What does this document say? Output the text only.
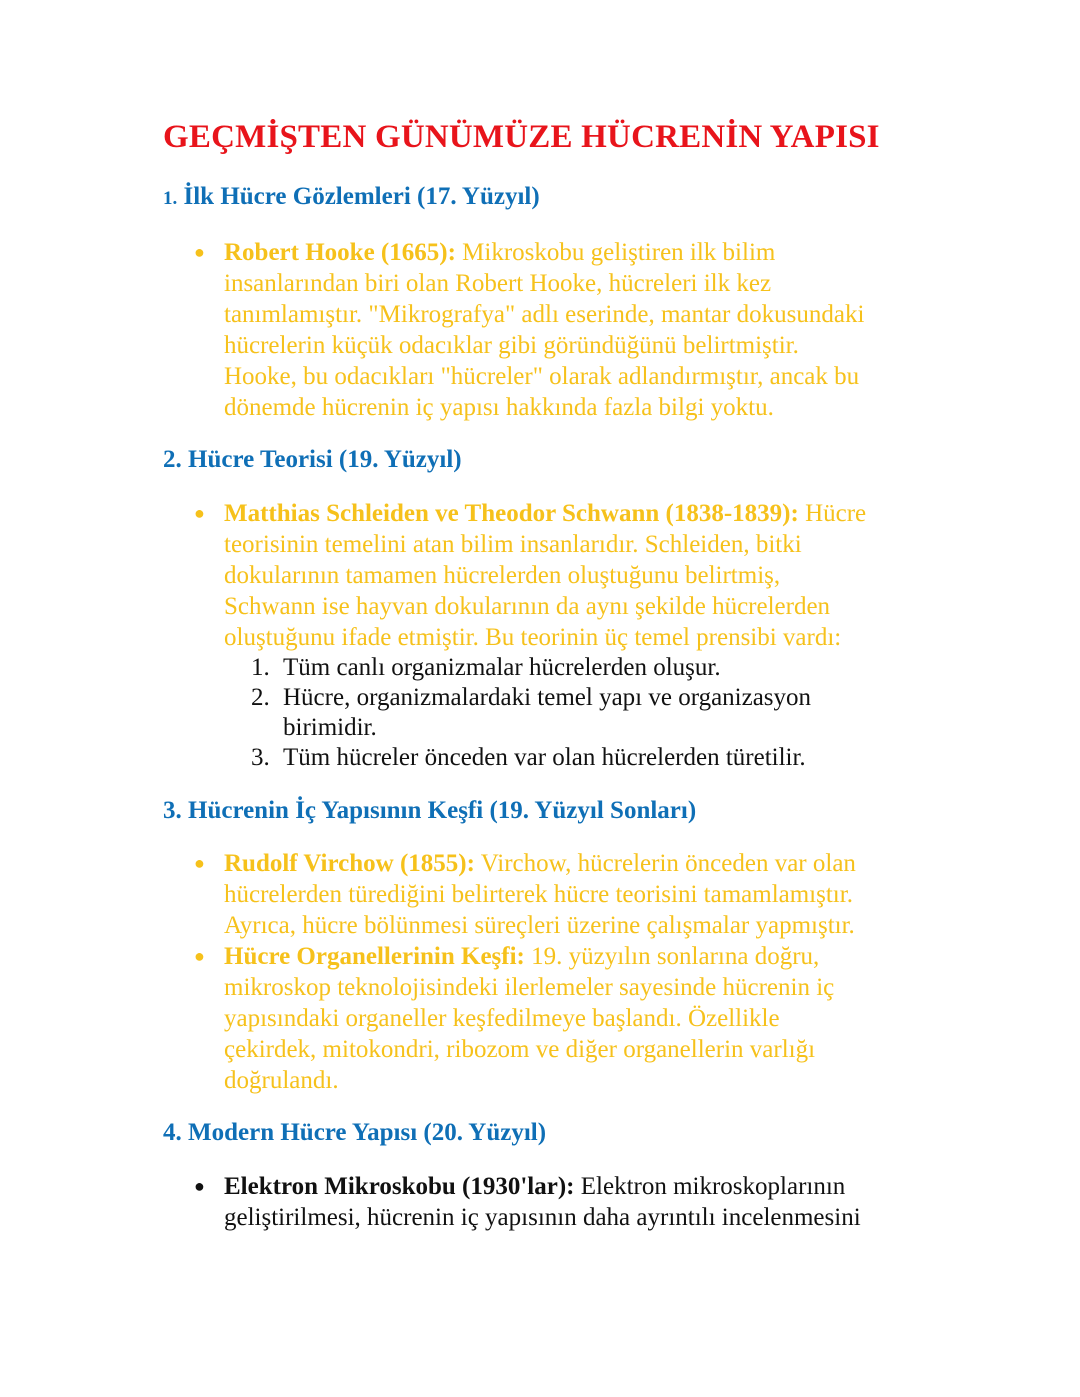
GEÇMİŞTEN GÜNÜMÜZE HÜCRENİN YAPISI
1. İlk Hücre Gözlemleri (17. Yüzyıl)
● Robert Hooke (1665): Mikroskobu geliştiren ilk bilim
insanlarından biri olan Robert Hooke, hücreleri ilk kez
tanımlamıştır. "Mikrografya" adlı eserinde, mantar dokusundaki
hücrelerin küçük odacıklar gibi göründüğünü belirtmiştir.
Hooke, bu odacıkları "hücreler" olarak adlandırmıştır, ancak bu
dönemde hücrenin iç yapısı hakkında fazla bilgi yoktu.
2. Hücre Teorisi (19. Yüzyıl)
● Matthias Schleiden ve Theodor Schwann (1838-1839): Hücre
teorisinin temelini atan bilim insanlarıdır. Schleiden, bitki
dokularının tamamen hücrelerden oluştuğunu belirtmiş,
Schwann ise hayvan dokularının da aynı şekilde hücrelerden
oluştuğunu ifade etmiştir. Bu teorinin üç temel prensibi vardı:
1. Tüm canlı organizmalar hücrelerden oluşur.
2. Hücre, organizmalardaki temel yapı ve organizasyon
birimidir.
3. Tüm hücreler önceden var olan hücrelerden türetilir.
3. Hücrenin İç Yapısının Keşfi (19. Yüzyıl Sonları)
● Rudolf Virchow (1855): Virchow, hücrelerin önceden var olan
hücrelerden türediğini belirterek hücre teorisini tamamlamıştır.
Ayrıca, hücre bölünmesi süreçleri üzerine çalışmalar yapmıştır.
● Hücre Organellerinin Keşfi: 19. yüzyılın sonlarına doğru,
mikroskop teknolojisindeki ilerlemeler sayesinde hücrenin iç
yapısındaki organeller keşfedilmeye başlandı. Özellikle
çekirdek, mitokondri, ribozom ve diğer organellerin varlığı
doğrulandı.
4. Modern Hücre Yapısı (20. Yüzyıl)
● Elektron Mikroskobu (1930'lar): Elektron mikroskoplarının
geliştirilmesi, hücrenin iç yapısının daha ayrıntılı incelenmesini
